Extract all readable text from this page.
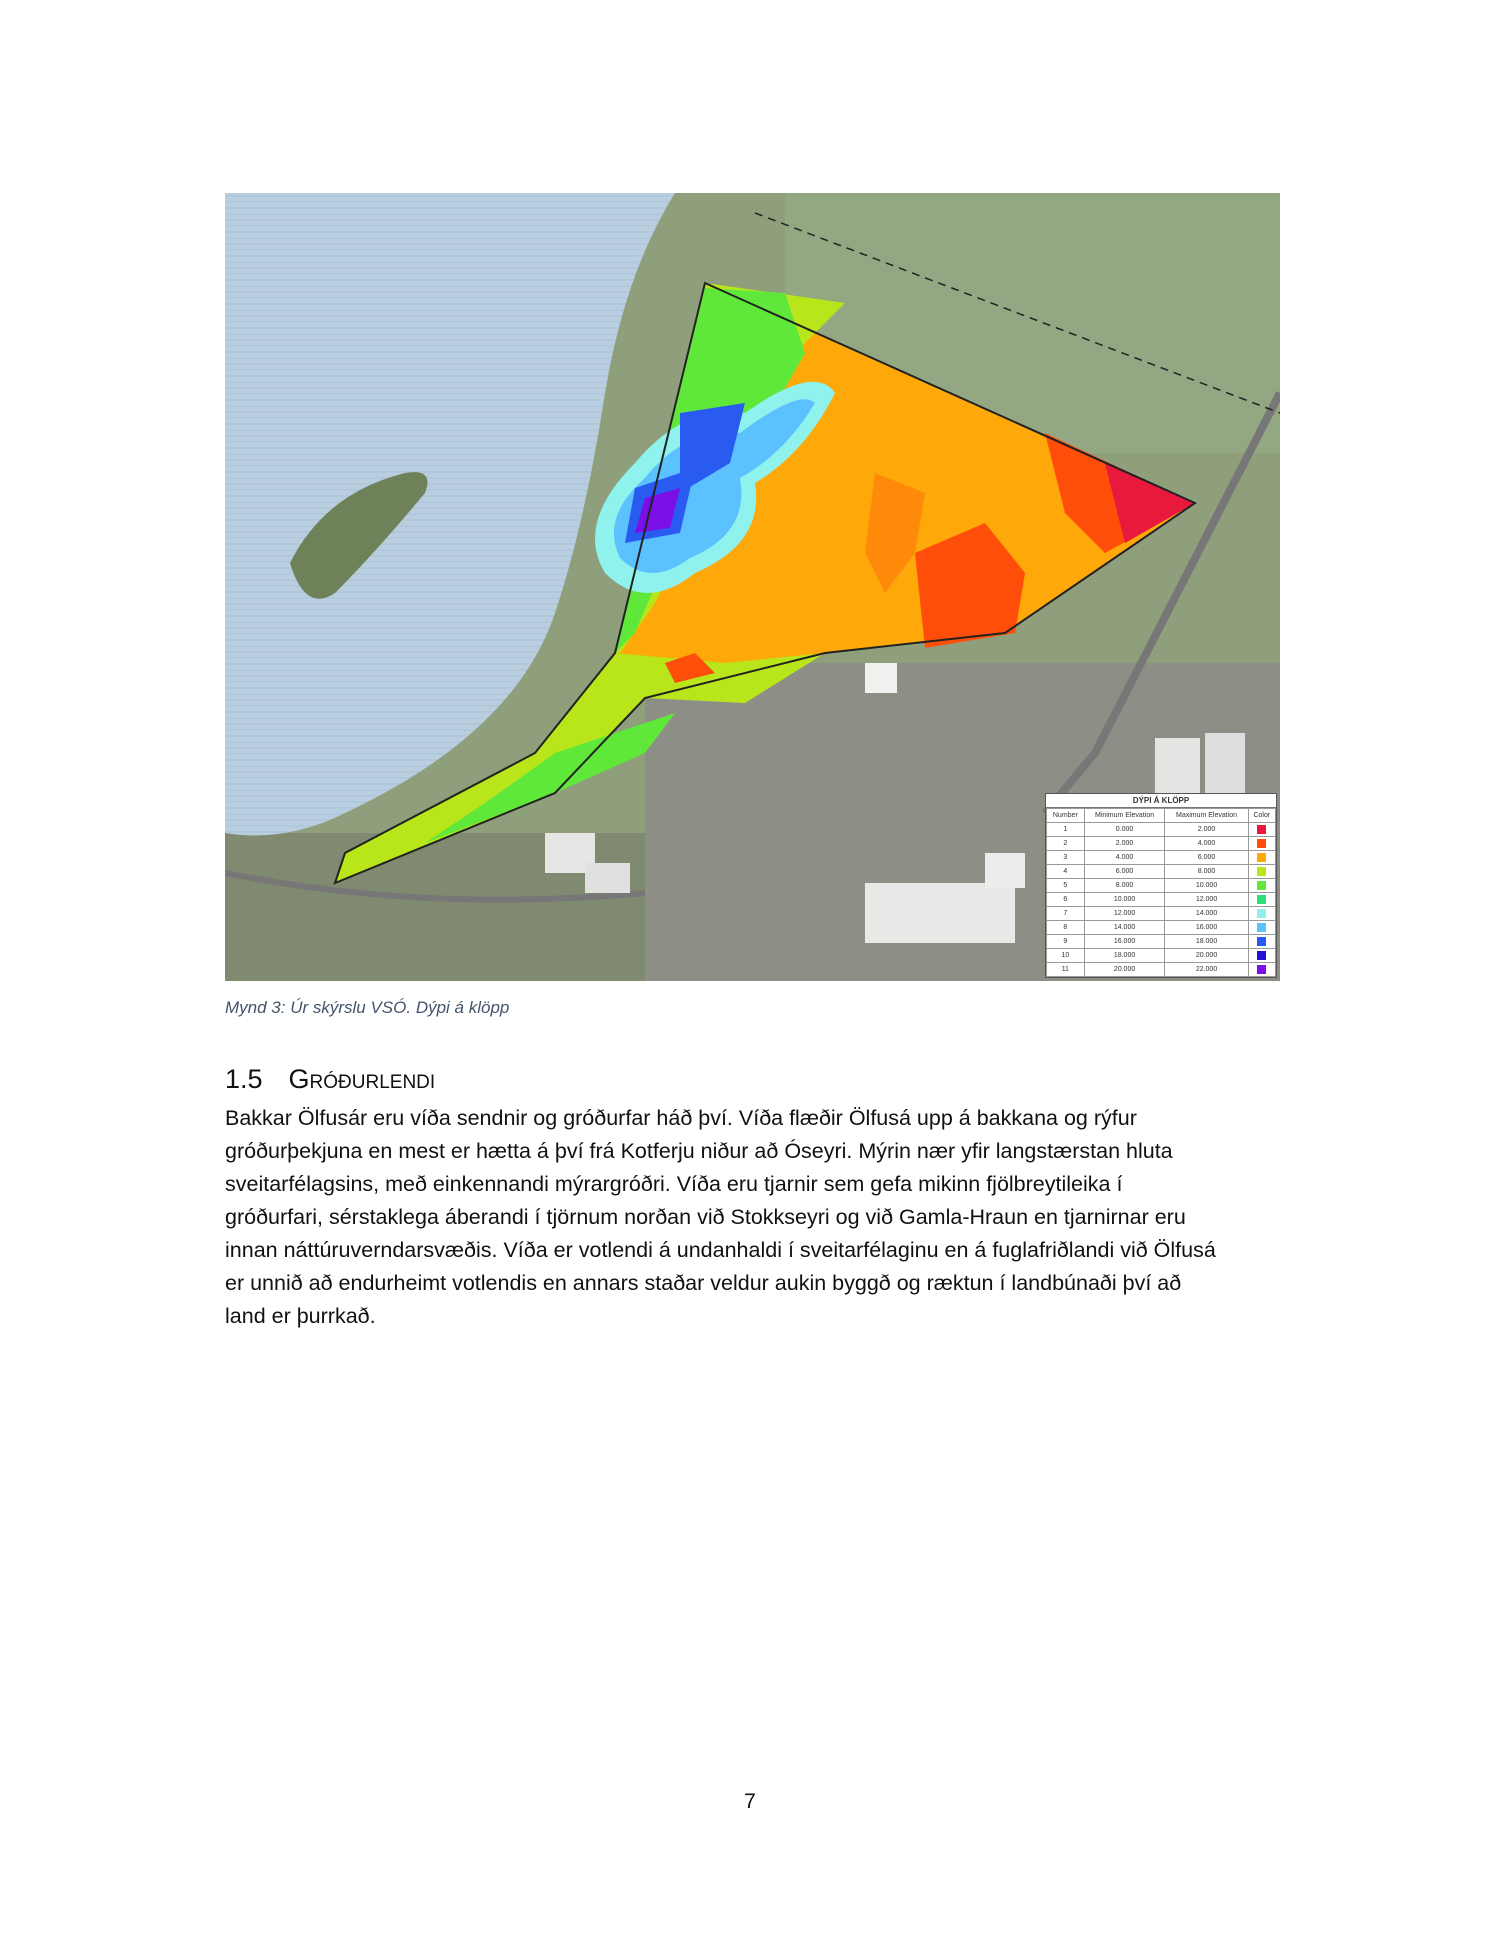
DÝPI Á KLÖPP
Number	Minimum Elevation	Maximum Elevation	Color
1	0.000	2.000	
2	2.000	4.000	
3	4.000	6.000	
4	6.000	8.000	
5	8.000	10.000	
6	10.000	12.000	
7	12.000	14.000	
8	14.000	16.000	
9	16.000	18.000	
10	18.000	20.000	
11	20.000	22.000	
Mynd 3: Úr skýrslu VSÓ. Dýpi á klöpp
1.5 Gróðurlendi

Bakkar Ölfusár eru víða sendnir og gróðurfar háð því. Víða flæðir Ölfusá upp á bakkana og rýfur

gróðurþekjuna en mest er hætta á því frá Kotferju niður að Óseyri. Mýrin nær yfir langstærstan hluta

sveitarfélagsins, með einkennandi mýrargróðri. Víða eru tjarnir sem gefa mikinn fjölbreytileika í

gróðurfari, sérstaklega áberandi í tjörnum norðan við Stokkseyri og við Gamla-Hraun en tjarnirnar eru

innan náttúruverndarsvæðis. Víða er votlendi á undanhaldi í sveitarfélaginu en á fuglafriðlandi við Ölfusá

er unnið að endurheimt votlendis en annars staðar veldur aukin byggð og ræktun í landbúnaði því að

land er þurrkað.

7
